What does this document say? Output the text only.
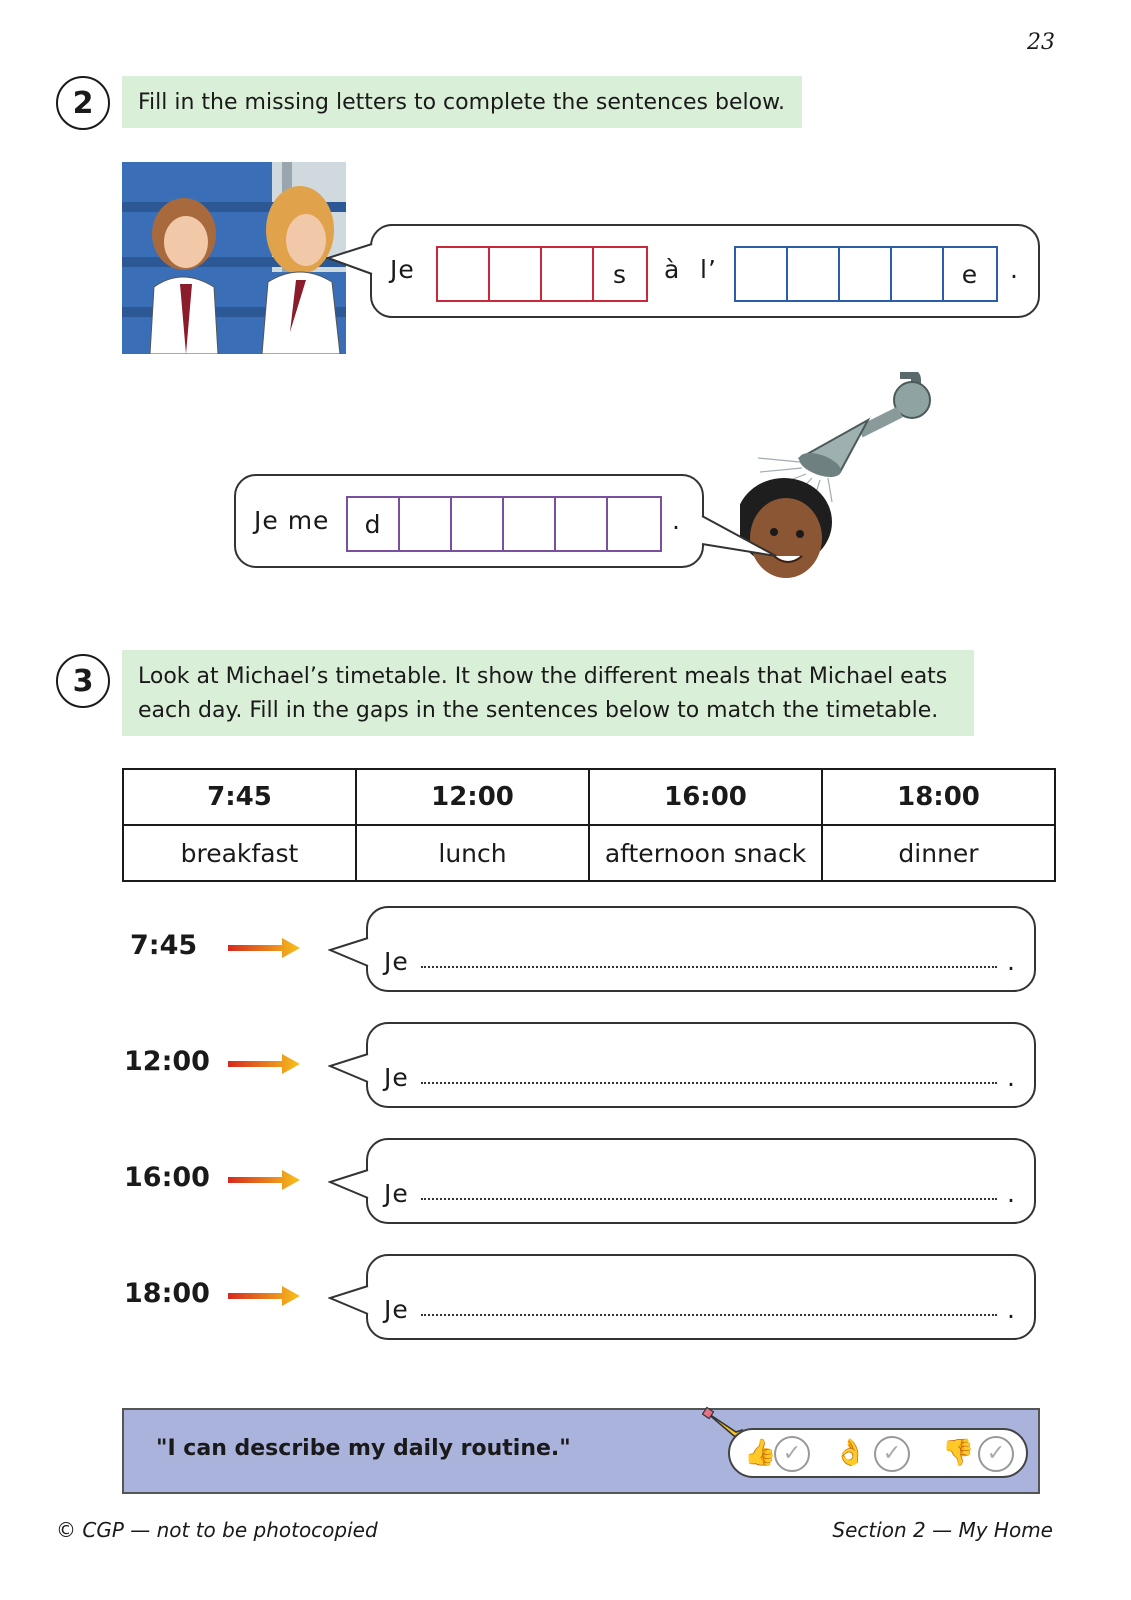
23
2	Fill in the missing letters to complete the sentences below.
Je	s	à l’	e	.
Je me	d	.
3	Look at Michael’s timetable. It show the different meals that Michael eats
each day. Fill in the gaps in the sentences below to match the timetable.
7:45	12:00	16:00	18:00
breakfast	lunch	afternoon snack	dinner
7:45
Je	.
12:00
Je	.
16:00
Je	.
18:00
Je	.
"I can describe my daily routine."	👍 ✓	👌 ✓	👎 ✓
© CGP — not to be photocopied	Section 2 — My Home
